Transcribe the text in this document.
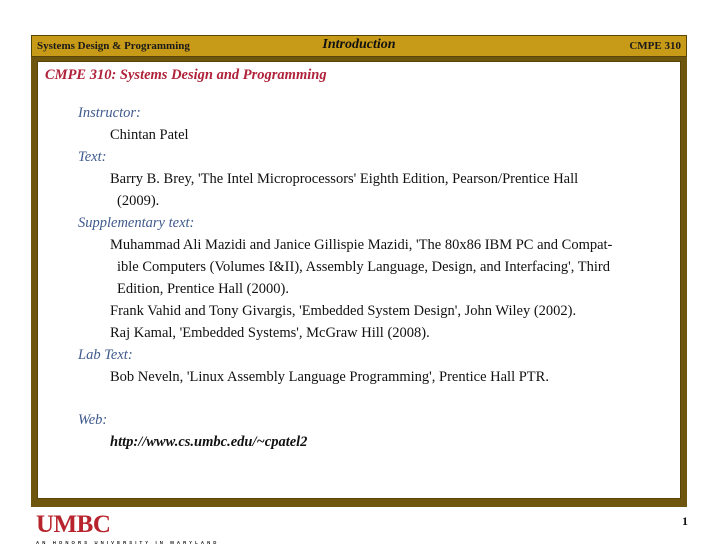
Systems Design & Programming	Introduction	CMPE 310
CMPE 310: Systems Design and Programming
Instructor:
Chintan Patel
Text:
Barry B. Brey, 'The Intel Microprocessors' Eighth Edition, Pearson/Prentice Hall
(2009).
Supplementary text:
Muhammad Ali Mazidi and Janice Gillispie Mazidi, 'The 80x86 IBM PC and Compat-
ible Computers (Volumes I&II), Assembly Language, Design, and Interfacing', Third
Edition, Prentice Hall (2000).
Frank Vahid and Tony Givargis, 'Embedded System Design', John Wiley (2002).
Raj Kamal, 'Embedded Systems', McGraw Hill (2008).
Lab Text:
Bob Neveln, 'Linux Assembly Language Programming', Prentice Hall PTR.
Web:
http://www.cs.umbc.edu/~cpatel2
UMBC
AN HONORS UNIVERSITY IN MARYLAND
1
